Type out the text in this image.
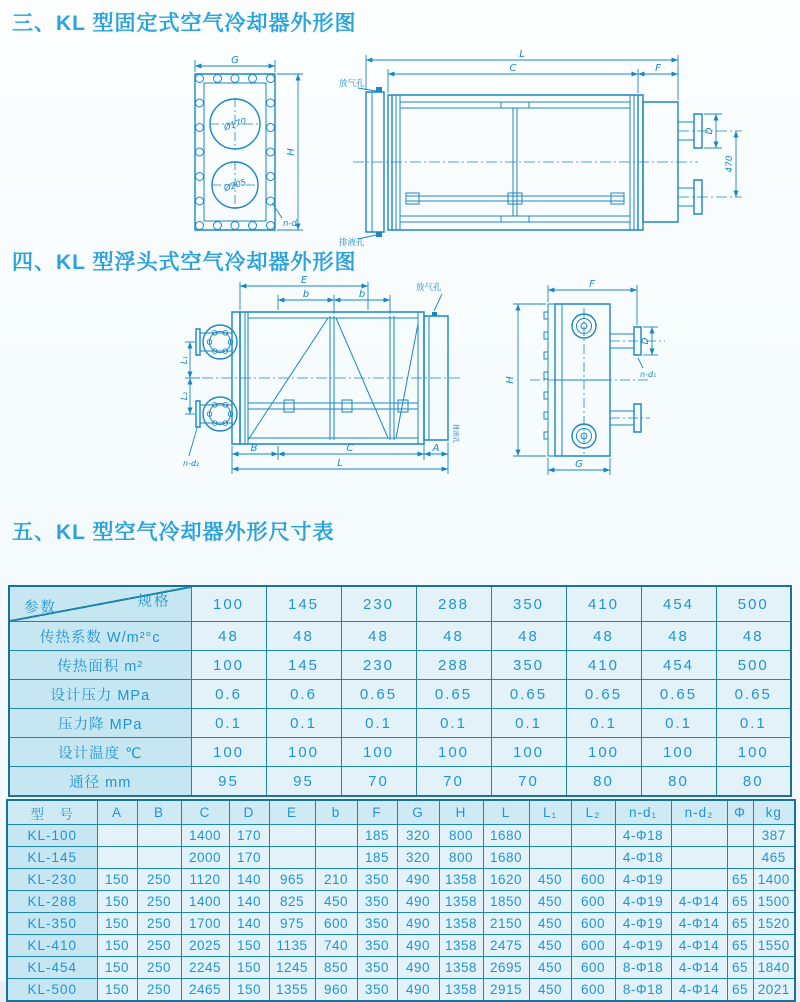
三、KL 型固定式空气冷却器外形图
G
H
n-d
Ø170
Ø205
L
C	F
D
470
放气孔
排液孔
四、KL 型浮头式空气冷却器外形图
E
b	b
L₁
L₂
B	C	A
L
n-d₂
放气孔
排液孔
F
H
D
n-d₁
G
五、KL 型空气冷却器外形尺寸表
规格
参数	100	145	230	288	350	410	454	500
传热系数 W/m²°c	48	48	48	48	48	48	48	48
传热面积 m²	100	145	230	288	350	410	454	500
设计压力 MPa	0.6	0.6	0.65	0.65	0.65	0.65	0.65	0.65
压力降 MPa	0.1	0.1	0.1	0.1	0.1	0.1	0.1	0.1
设计温度 ℃	100	100	100	100	100	100	100	100
通径 mm	95	95	70	70	70	80	80	80
型　号	A	B	C	D	E	b	F	G	H	L	L₁	L₂	n-d₁	n-d₂	Φ	kg
KL-100			1400	170			185	320	800	1680			4-Φ18			387
KL-145			2000	170			185	320	800	1680			4-Φ18			465
KL-230	150	250	1120	140	965	210	350	490	1358	1620	450	600	4-Φ19		65	1400
KL-288	150	250	1400	140	825	450	350	490	1358	1850	450	600	4-Φ19	4-Φ14	65	1500
KL-350	150	250	1700	140	975	600	350	490	1358	2150	450	600	4-Φ19	4-Φ14	65	1520
KL-410	150	250	2025	150	1135	740	350	490	1358	2475	450	600	4-Φ19	4-Φ14	65	1550
KL-454	150	250	2245	150	1245	850	350	490	1358	2695	450	600	8-Φ18	4-Φ14	65	1840
KL-500	150	250	2465	150	1355	960	350	490	1358	2915	450	600	8-Φ18	4-Φ14	65	2021
